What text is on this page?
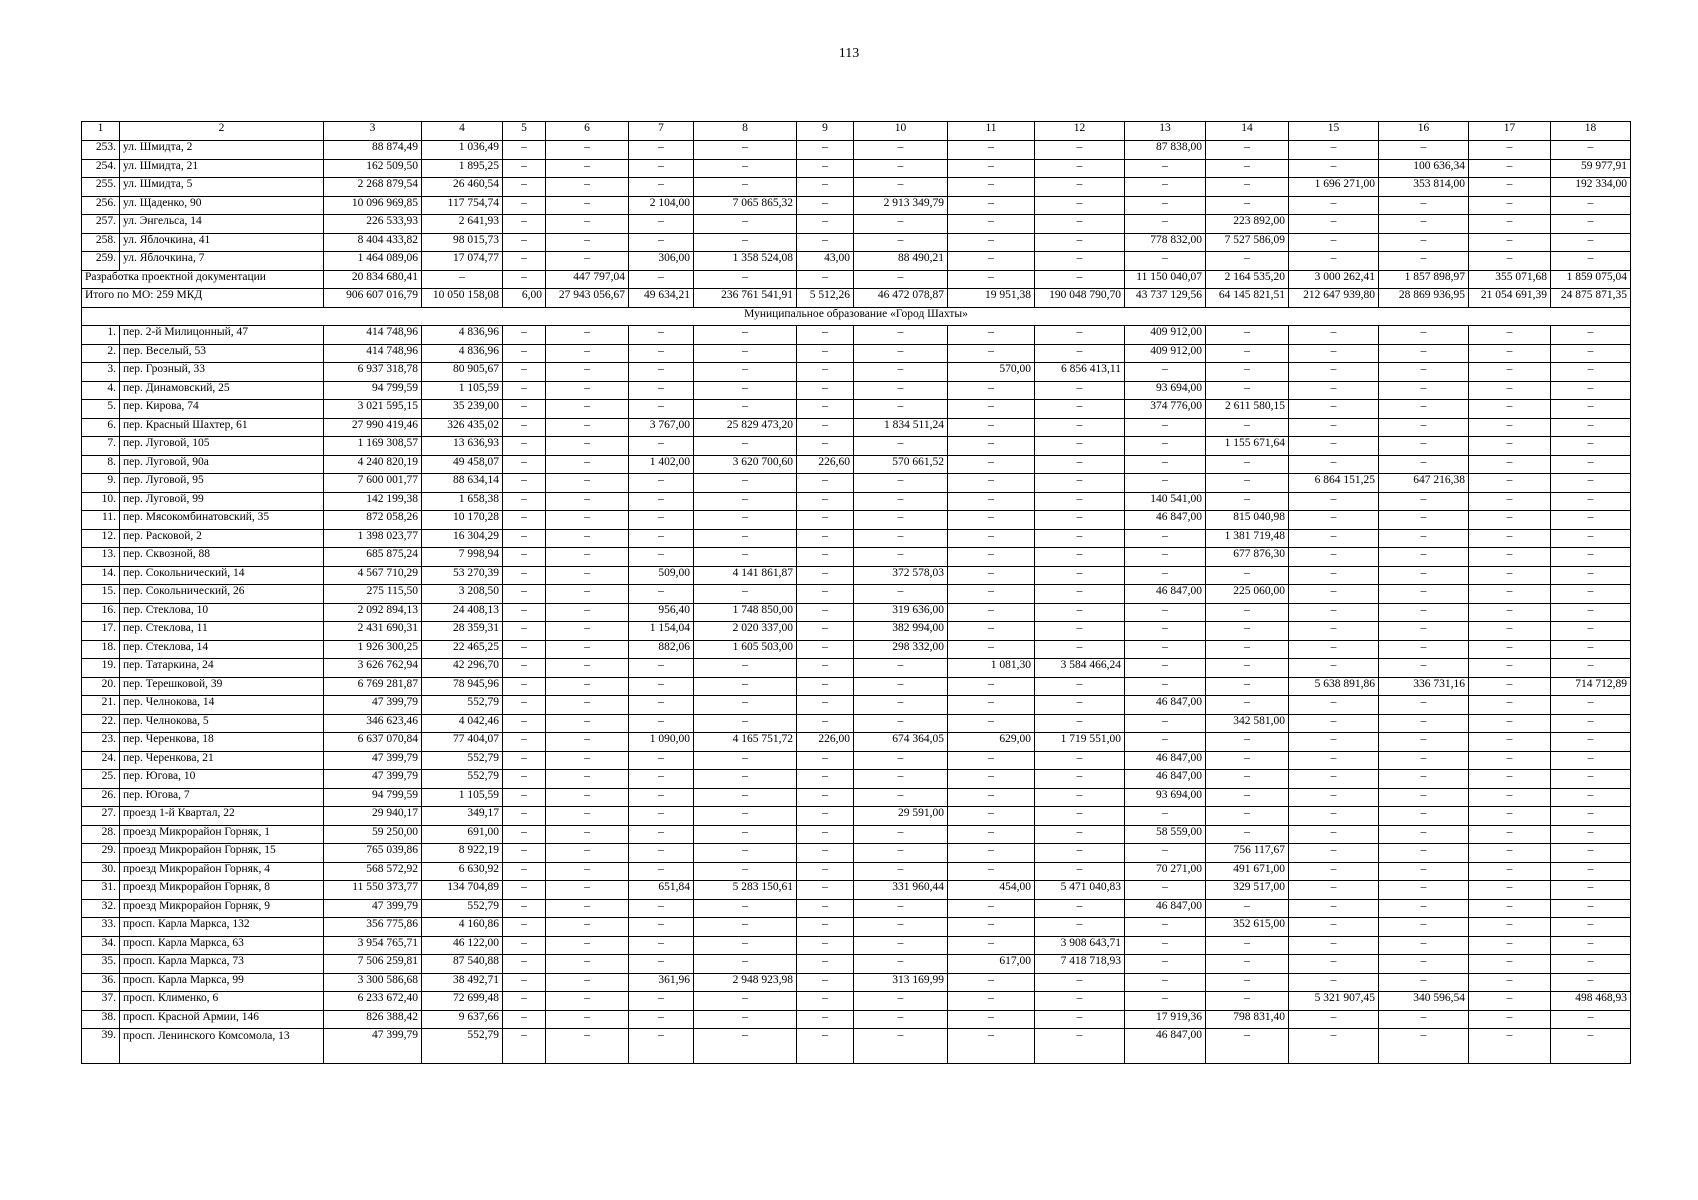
113
1	2	3	4	5	6	7	8	9	10	11	12	13	14	15	16	17	18
253.	ул. Шмидта, 2	88 874,49	1 036,49	–	–	–	–	–	–	–	–	87 838,00	–	–	–	–	–
254.	ул. Шмидта, 21	162 509,50	1 895,25	–	–	–	–	–	–	–	–	–	–	–	100 636,34	–	59 977,91
255.	ул. Шмидта, 5	2 268 879,54	26 460,54	–	–	–	–	–	–	–	–	–	–	1 696 271,00	353 814,00	–	192 334,00
256.	ул. Щаденко, 90	10 096 969,85	117 754,74	–	–	2 104,00	7 065 865,32	–	2 913 349,79	–	–	–	–	–	–	–	–
257.	ул. Энгельса, 14	226 533,93	2 641,93	–	–	–	–	–	–	–	–	–	223 892,00	–	–	–	–
258.	ул. Яблочкина, 41	8 404 433,82	98 015,73	–	–	–	–	–	–	–	–	778 832,00	7 527 586,09	–	–	–	–
259.	ул. Яблочкина, 7	1 464 089,06	17 074,77	–	–	306,00	1 358 524,08	43,00	88 490,21	–	–	–	–	–	–	–	–
Разработка проектной документации		20 834 680,41	–	–	447 797,04	–	–	–	–	–	–	11 150 040,07	2 164 535,20	3 000 262,41	1 857 898,97	355 071,68	1 859 075,04
Итого по МО: 259 МКД		906 607 016,79	10 050 158,08	6,00	27 943 056,67	49 634,21	236 761 541,91	5 512,26	46 472 078,87	19 951,38	190 048 790,70	43 737 129,56	64 145 821,51	212 647 939,80	28 869 936,95	21 054 691,39	24 875 871,35
Муниципальное образование «Город Шахты»																	
1.	пер. 2-й Милицонный, 47	414 748,96	4 836,96	–	–	–	–	–	–	–	–	409 912,00	–	–	–	–	–
2.	пер. Веселый, 53	414 748,96	4 836,96	–	–	–	–	–	–	–	–	409 912,00	–	–	–	–	–
3.	пер. Грозный, 33	6 937 318,78	80 905,67	–	–	–	–	–	–	570,00	6 856 413,11	–	–	–	–	–	–
4.	пер. Динамовский, 25	94 799,59	1 105,59	–	–	–	–	–	–	–	–	93 694,00	–	–	–	–	–
5.	пер. Кирова, 74	3 021 595,15	35 239,00	–	–	–	–	–	–	–	–	374 776,00	2 611 580,15	–	–	–	–
6.	пер. Красный Шахтер, 61	27 990 419,46	326 435,02	–	–	3 767,00	25 829 473,20	–	1 834 511,24	–	–	–	–	–	–	–	–
7.	пер. Луговой, 105	1 169 308,57	13 636,93	–	–	–	–	–	–	–	–	–	1 155 671,64	–	–	–	–
8.	пер. Луговой, 90а	4 240 820,19	49 458,07	–	–	1 402,00	3 620 700,60	226,60	570 661,52	–	–	–	–	–	–	–	–
9.	пер. Луговой, 95	7 600 001,77	88 634,14	–	–	–	–	–	–	–	–	–	–	6 864 151,25	647 216,38	–	–
10.	пер. Луговой, 99	142 199,38	1 658,38	–	–	–	–	–	–	–	–	140 541,00	–	–	–	–	–
11.	пер. Мясокомбинатовский, 35	872 058,26	10 170,28	–	–	–	–	–	–	–	–	46 847,00	815 040,98	–	–	–	–
12.	пер. Расковой, 2	1 398 023,77	16 304,29	–	–	–	–	–	–	–	–	–	1 381 719,48	–	–	–	–
13.	пер. Сквозной, 88	685 875,24	7 998,94	–	–	–	–	–	–	–	–	–	677 876,30	–	–	–	–
14.	пер. Сокольнический, 14	4 567 710,29	53 270,39	–	–	509,00	4 141 861,87	–	372 578,03	–	–	–	–	–	–	–	–
15.	пер. Сокольнический, 26	275 115,50	3 208,50	–	–	–	–	–	–	–	–	46 847,00	225 060,00	–	–	–	–
16.	пер. Стеклова, 10	2 092 894,13	24 408,13	–	–	956,40	1 748 850,00	–	319 636,00	–	–	–	–	–	–	–	–
17.	пер. Стеклова, 11	2 431 690,31	28 359,31	–	–	1 154,04	2 020 337,00	–	382 994,00	–	–	–	–	–	–	–	–
18.	пер. Стеклова, 14	1 926 300,25	22 465,25	–	–	882,06	1 605 503,00	–	298 332,00	–	–	–	–	–	–	–	–
19.	пер. Татаркина, 24	3 626 762,94	42 296,70	–	–	–	–	–	–	1 081,30	3 584 466,24	–	–	–	–	–	–
20.	пер. Терешковой, 39	6 769 281,87	78 945,96	–	–	–	–	–	–	–	–	–	–	5 638 891,86	336 731,16	–	714 712,89
21.	пер. Челнокова, 14	47 399,79	552,79	–	–	–	–	–	–	–	–	46 847,00	–	–	–	–	–
22.	пер. Челнокова, 5	346 623,46	4 042,46	–	–	–	–	–	–	–	–	–	342 581,00	–	–	–	–
23.	пер. Черенкова, 18	6 637 070,84	77 404,07	–	–	1 090,00	4 165 751,72	226,00	674 364,05	629,00	1 719 551,00	–	–	–	–	–	–
24.	пер. Черенкова, 21	47 399,79	552,79	–	–	–	–	–	–	–	–	46 847,00	–	–	–	–	–
25.	пер. Югова, 10	47 399,79	552,79	–	–	–	–	–	–	–	–	46 847,00	–	–	–	–	–
26.	пер. Югова, 7	94 799,59	1 105,59	–	–	–	–	–	–	–	–	93 694,00	–	–	–	–	–
27.	проезд 1-й Квартал, 22	29 940,17	349,17	–	–	–	–	–	29 591,00	–	–	–	–	–	–	–	–
28.	проезд Микрорайон Горняк, 1	59 250,00	691,00	–	–	–	–	–	–	–	–	58 559,00	–	–	–	–	–
29.	проезд Микрорайон Горняк, 15	765 039,86	8 922,19	–	–	–	–	–	–	–	–	–	756 117,67	–	–	–	–
30.	проезд Микрорайон Горняк, 4	568 572,92	6 630,92	–	–	–	–	–	–	–	–	70 271,00	491 671,00	–	–	–	–
31.	проезд Микрорайон Горняк, 8	11 550 373,77	134 704,89	–	–	651,84	5 283 150,61	–	331 960,44	454,00	5 471 040,83	–	329 517,00	–	–	–	–
32.	проезд Микрорайон Горняк, 9	47 399,79	552,79	–	–	–	–	–	–	–	–	46 847,00	–	–	–	–	–
33.	просп. Карла Маркса, 132	356 775,86	4 160,86	–	–	–	–	–	–	–	–	–	352 615,00	–	–	–	–
34.	просп. Карла Маркса, 63	3 954 765,71	46 122,00	–	–	–	–	–	–	–	3 908 643,71	–	–	–	–	–	–
35.	просп. Карла Маркса, 73	7 506 259,81	87 540,88	–	–	–	–	–	–	617,00	7 418 718,93	–	–	–	–	–	–
36.	просп. Карла Маркса, 99	3 300 586,68	38 492,71	–	–	361,96	2 948 923,98	–	313 169,99	–	–	–	–	–	–	–	–
37.	просп. Клименко, 6	6 233 672,40	72 699,48	–	–	–	–	–	–	–	–	–	–	5 321 907,45	340 596,54	–	498 468,93
38.	просп. Красной Армии, 146	826 388,42	9 637,66	–	–	–	–	–	–	–	–	17 919,36	798 831,40	–	–	–	–
39.	просп. Ленинского Комсомола, 13	47 399,79	552,79	–	–	–	–	–	–	–	–	46 847,00	–	–	–	–	–
